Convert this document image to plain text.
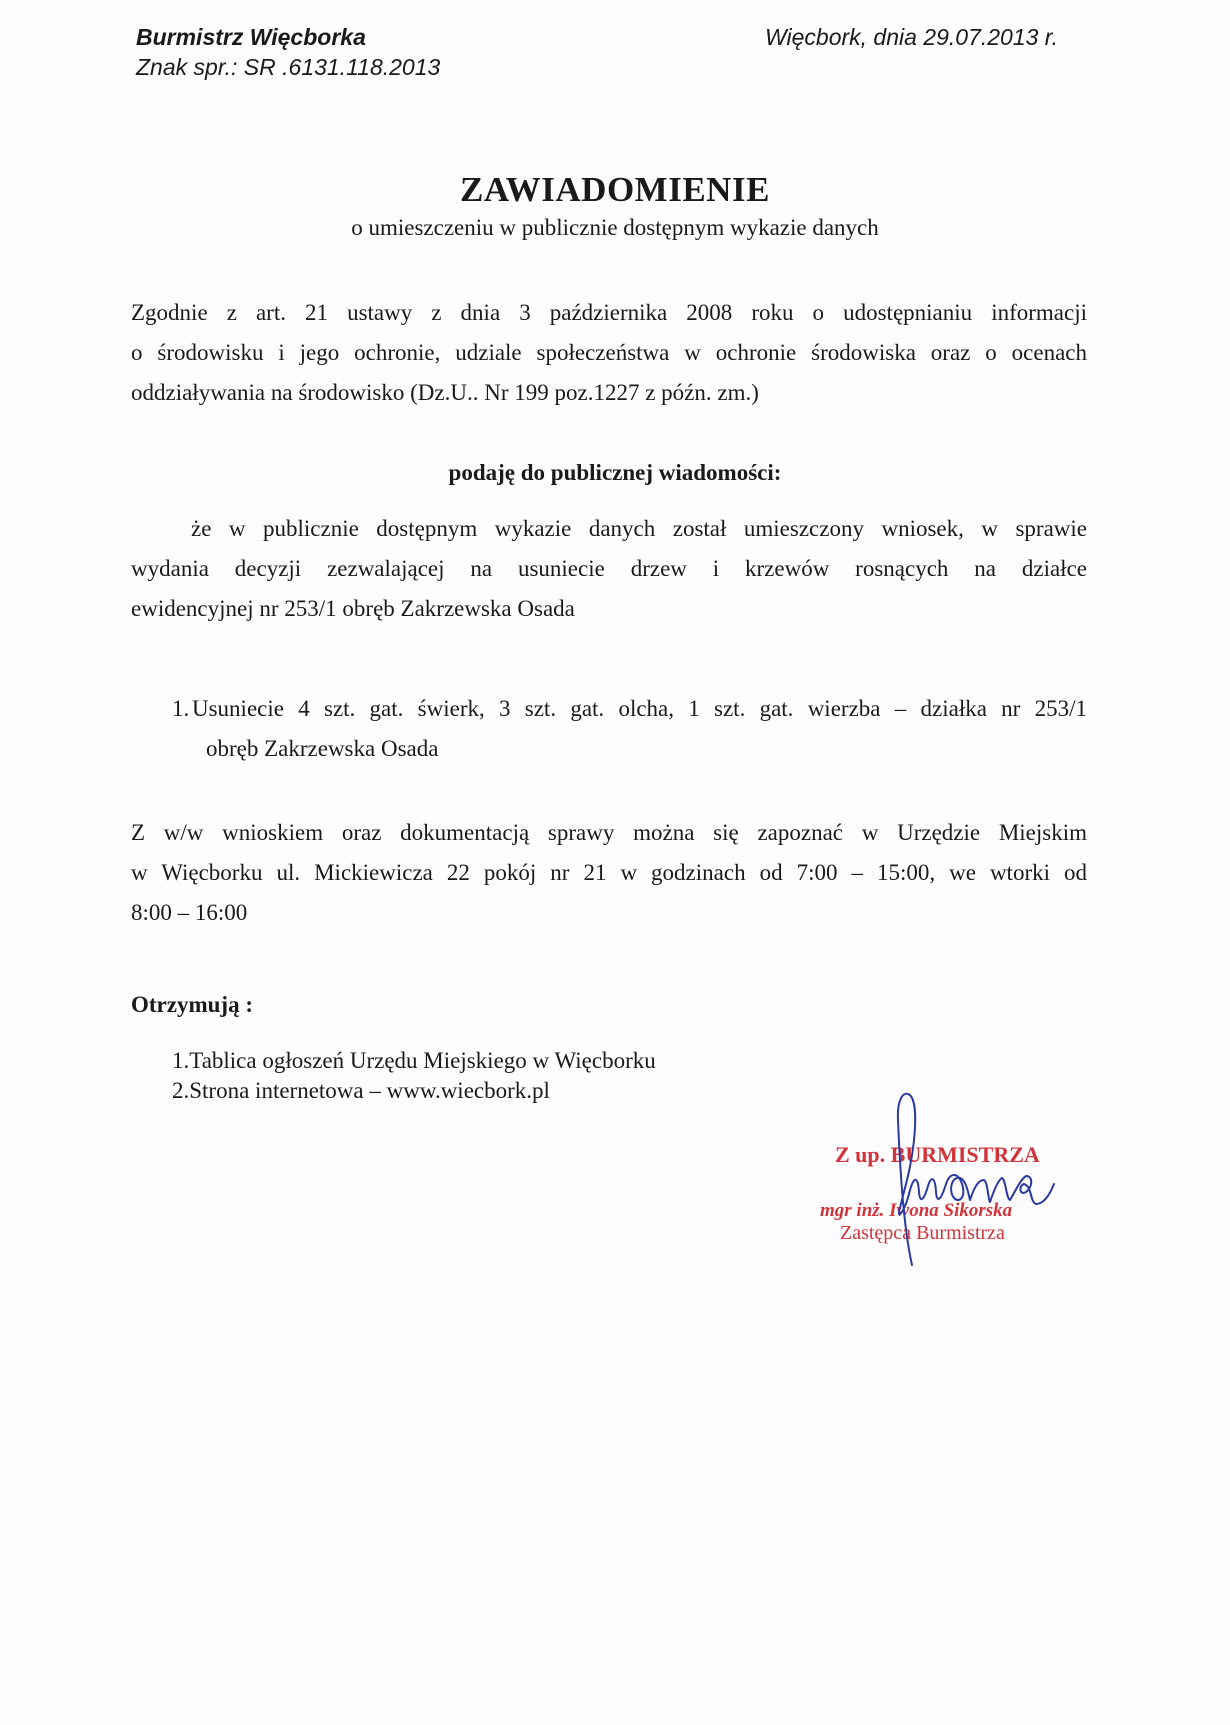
Burmistrz Więcborka
Znak spr.: SR .6131.118.2013
Więcbork, dnia 29.07.2013 r.
ZAWIADOMIENIE
o umieszczeniu w publicznie dostępnym wykazie danych
Zgodnie z art. 21 ustawy z dnia 3 października 2008 roku o udostępnianiu informacji
o środowisku i jego ochronie, udziale społeczeństwa w ochronie środowiska oraz o ocenach
oddziaływania na środowisko (Dz.U.. Nr 199 poz.1227 z późn. zm.)
podaję do publicznej wiadomości:
że w publicznie dostępnym wykazie danych został umieszczony wniosek, w sprawie
wydania decyzji zezwalającej na usuniecie drzew i krzewów rosnących na działce
ewidencyjnej nr 253/1 obręb Zakrzewska Osada
1. Usuniecie 4 szt. gat. świerk, 3 szt. gat. olcha, 1 szt. gat. wierzba – działka nr 253/1
obręb Zakrzewska Osada
Z w/w wnioskiem oraz dokumentacją sprawy można się zapoznać w Urzędzie Miejskim
w Więcborku ul. Mickiewicza 22 pokój nr 21 w godzinach od 7:00 – 15:00, we wtorki od
8:00 – 16:00
Otrzymują :
1.Tablica ogłoszeń Urzędu Miejskiego w Więcborku
2.Strona internetowa – www.wiecbork.pl
Z up. BURMISTRZA
mgr inż. Iwona Sikorska
Zastępca Burmistrza
